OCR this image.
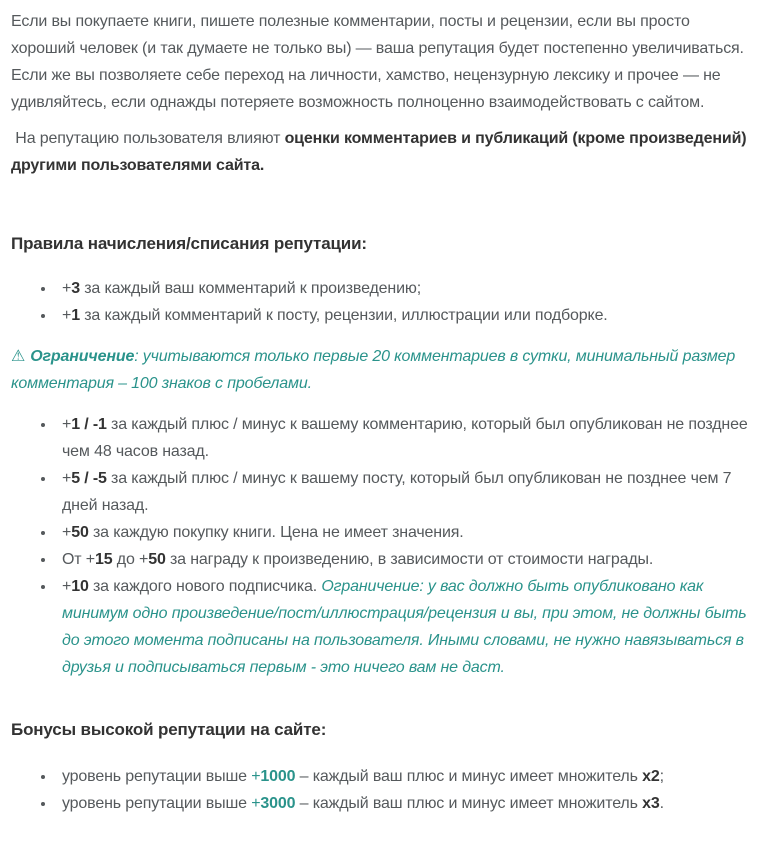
Если вы покупаете книги, пишете полезные комментарии, посты и рецензии, если вы просто хороший человек (и так думаете не только вы) — ваша репутация будет постепенно увеличиваться. Если же вы позволяете себе переход на личности, хамство, нецензурную лексику и прочее — не удивляйтесь, если однажды потеряете возможность полноценно взаимодействовать с сайтом.

На репутацию пользователя влияют оценки комментариев и публикаций (кроме произведений) другими пользователями сайта.

Правила начисления/списания репутации:
• +3 за каждый ваш комментарий к произведению;
• +1 за каждый комментарий к посту, рецензии, иллюстрации или подборке.

⚠ Ограничение: учитываются только первые 20 комментариев в сутки, минимальный размер комментария – 100 знаков с пробелами.

• +1 / -1 за каждый плюс / минус к вашему комментарию, который был опубликован не позднее чем 48 часов назад.
• +5 / -5 за каждый плюс / минус к вашему посту, который был опубликован не позднее чем 7 дней назад.
• +50 за каждую покупку книги. Цена не имеет значения.
• От +15 до +50 за награду к произведению, в зависимости от стоимости награды.
• +10 за каждого нового подписчика. Ограничение: у вас должно быть опубликовано как минимум одно произведение/пост/иллюстрация/рецензия и вы, при этом, не должны быть до этого момента подписаны на пользователя. Иными словами, не нужно навязываться в друзья и подписываться первым - это ничего вам не даст.
Бонусы высокой репутации на сайте:
• уровень репутации выше +1000 – каждый ваш плюс и минус имеет множитель x2;
• уровень репутации выше +3000 – каждый ваш плюс и минус имеет множитель x3.
